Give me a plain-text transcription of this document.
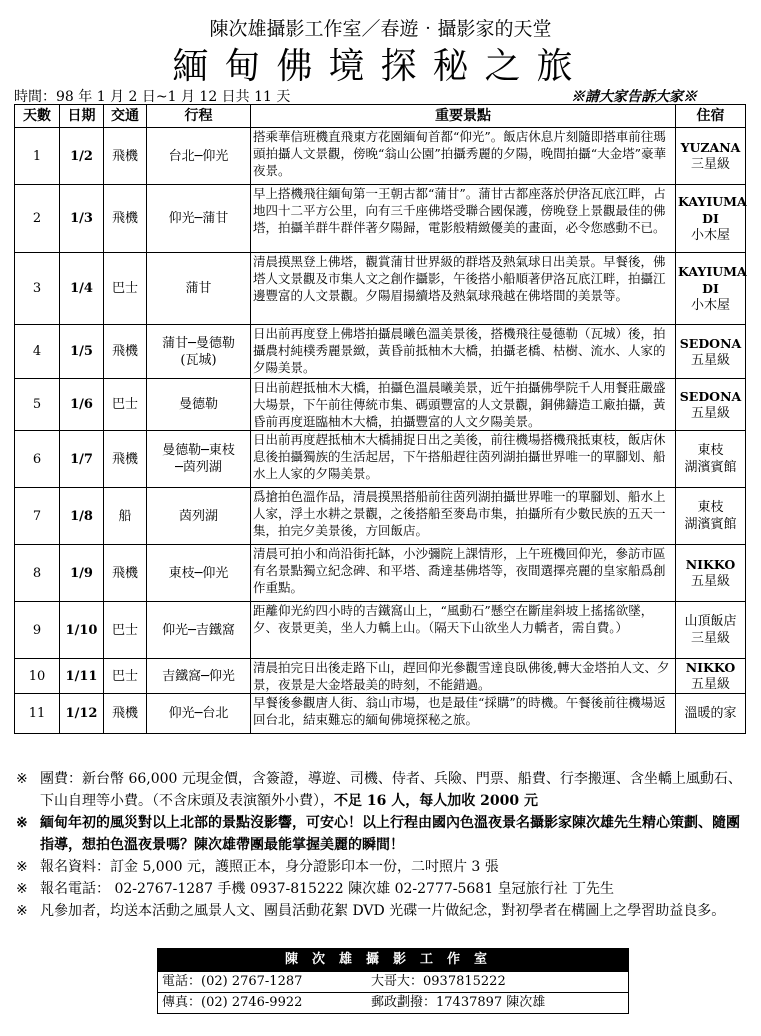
陳次雄攝影工作室／春遊‧攝影家的天堂
緬甸佛境探秘之旅
時間：98 年 1 月 2 日~1 月 12 日共 11 天	※請大家告訴大家※
天數	日期	交通	行程	重要景點	住宿
1	1/2	飛機	台北─仰光	搭乘華信班機直飛東方花園緬甸首都“仰光”。飯店休息片刻隨即搭車前往瑪頭拍攝人文景觀，傍晚“翁山公園”拍攝秀麗的夕陽，晚間拍攝“大金塔”豪華夜景。	YUZANA
三星級
2	1/3	飛機	仰光─蒲甘	早上搭機飛往緬甸第一王朝古都“蒲甘”。蒲甘古都座落於伊洛瓦底江畔，占地四十二平方公里，向有三千座佛塔受聯合國保護，傍晚登上景觀最佳的佛塔，拍攝羊群牛群伴著夕陽歸，電影般精緻優美的畫面，必令您感動不已。	KAYIUMA DI
小木屋
3	1/4	巴士	蒲甘	清晨摸黑登上佛塔，觀賞蒲甘世界級的群塔及熱氣球日出美景。早餐後，佛塔人文景觀及市集人文之創作攝影，午後搭小船順著伊洛瓦底江畔，拍攝江邊豐富的人文景觀。夕陽眉揚續塔及熱氣球飛越在佛塔間的美景等。	KAYIUMA DI
小木屋
4	1/5	飛機	蒲甘─曼德勒
(瓦城)	日出前再度登上佛塔拍攝晨曦色溫美景後，搭機飛往曼德勒（瓦城）後，拍攝農村純樸秀麗景緻，黃昏前抵柚木大橋，拍攝老橋、枯樹、流水、人家的夕陽美景。	SEDONA
五星級
5	1/6	巴士	曼德勒	日出前趕抵柚木大橋，拍攝色溫晨曦美景，近午拍攝佛學院千人用餐莊嚴盛大場景，下午前往傳統市集、碼頭豐富的人文景觀，銅佛鑄造工廠拍攝，黃昏前再度逛臨柚木大橋，拍攝豐富的人文夕陽美景。	SEDONA
五星級
6	1/7	飛機	曼德勒─東枝
─茵列湖	日出前再度趕抵柚木大橋捕捉日出之美後，前往機場搭機飛抵東枝，飯店休息後拍攝獨族的生活起居，下午搭船趕往茵列湖拍攝世界唯一的單腳划、船水上人家的夕陽美景。	東枝
湖濱賓館
7	1/8	船	茵列湖	爲搶拍色溫作品，清晨摸黑搭船前往茵列湖拍攝世界唯一的單腳划、船水上人家，浮土水耕之景觀，之後搭船至麥島市集，拍攝所有少數民族的五天一集，拍完夕美景後，方回飯店。	東枝
湖濱賓館
8	1/9	飛機	東枝─仰光	清晨可拍小和尚沿街托缽，小沙彌院上課情形，上午班機回仰光，參訪市區有名景點獨立紀念碑、和平塔、喬達基佛塔等，夜間選擇亮麗的皇家船爲創作重點。	NIKKO
五星級
9	1/10	巴士	仰光─吉鐵窩	距離仰光約四小時的吉鐵窩山上，“風動石”懸空在斷崖斜坡上搖搖欲墜，夕、夜景更美，坐人力轎上山。（隔天下山欲坐人力轎者，需自費。）	山頂飯店
三星級
10	1/11	巴士	吉鐵窩─仰光	清晨拍完日出後走路下山，趕回仰光參觀雪達良臥佛後,轉大金塔拍人文、夕景，夜景是大金塔最美的時刻，不能錯過。	NIKKO
五星級
11	1/12	飛機	仰光─台北	早餐後參觀唐人街、翁山市場，也是最佳“採購”的時機。午餐後前往機場返回台北，結束難忘的緬甸佛境探秘之旅。	溫暖的家
※ 團費：新台幣 66,000 元現金價，含簽證，導遊、司機、侍者、兵險、門票、船費、行李搬運、含坐轎上風動石、下山自理等小費。（不含床頭及表演額外小費），不足 16 人，每人加收 2000 元
※ 緬甸年初的風災對以上北部的景點沒影響，可安心！以上行程由國內色溫夜景名攝影家陳次雄先生精心策劃、隨團指導，想拍色溫夜景嗎？陳次雄帶團最能掌握美麗的瞬間！
※ 報名資料：訂金 5,000 元，護照正本，身分證影印本一份，二吋照片 3 張
※ 報名電話： 02-2767-1287 手機 0937-815222 陳次雄 02-2777-5681 皇冠旅行社 丁先生
※ 凡參加者，均送本活動之風景人文、團員活動花絮 DVD 光碟一片做紀念，對初學者在構圖上之學習助益良多。
陳次雄攝影工作室
電話：(02) 2767-1287	大哥大：0937815222
傳真：(02) 2746-9922	郵政劃撥：17437897 陳次雄
